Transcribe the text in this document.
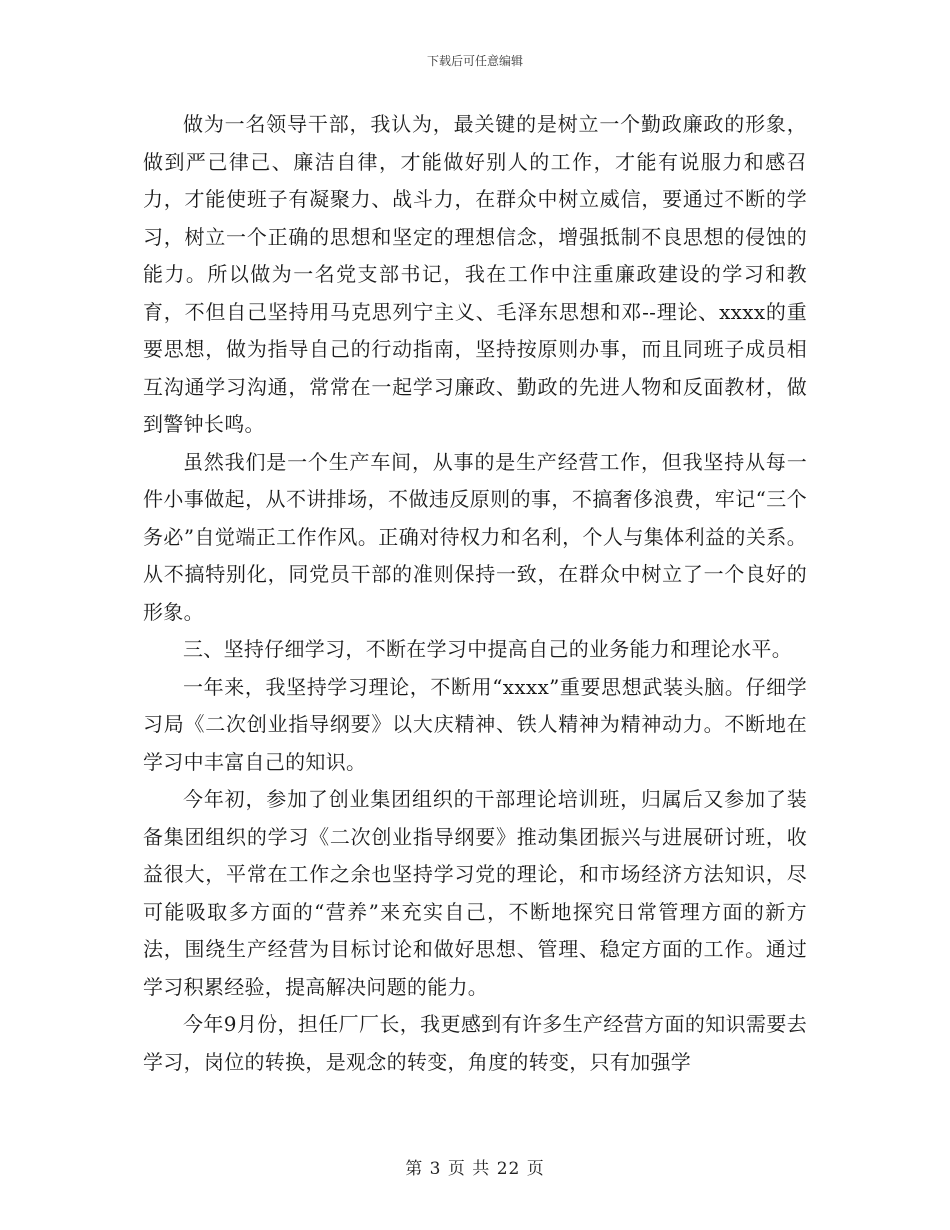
下载后可任意编辑

做为一名领导干部，我认为，最关键的是树立一个勤政廉政的形象，做到严己律己、廉洁自律，才能做好别人的工作，才能有说服力和感召力，才能使班子有凝聚力、战斗力，在群众中树立威信，要通过不断的学习，树立一个正确的思想和坚定的理想信念，增强抵制不良思想的侵蚀的能力。所以做为一名党支部书记，我在工作中注重廉政建设的学习和教育，不但自己坚持用马克思列宁主义、毛泽东思想和邓--理论、xxxx的重要思想，做为指导自己的行动指南，坚持按原则办事，而且同班子成员相互沟通学习沟通，常常在一起学习廉政、勤政的先进人物和反面教材，做到警钟长鸣。

虽然我们是一个生产车间，从事的是生产经营工作，但我坚持从每一件小事做起，从不讲排场，不做违反原则的事，不搞奢侈浪费，牢记“三个务必”自觉端正工作作风。正确对待权力和名利，个人与集体利益的关系。从不搞特别化，同党员干部的准则保持一致，在群众中树立了一个良好的形象。

三、坚持仔细学习，不断在学习中提高自己的业务能力和理论水平。

一年来，我坚持学习理论，不断用“xxxx”重要思想武装头脑。仔细学习局《二次创业指导纲要》以大庆精神、铁人精神为精神动力。不断地在学习中丰富自己的知识。

今年初，参加了创业集团组织的干部理论培训班，归属后又参加了装备集团组织的学习《二次创业指导纲要》推动集团振兴与进展研讨班，收益很大，平常在工作之余也坚持学习党的理论，和市场经济方法知识，尽可能吸取多方面的“营养”来充实自己，不断地探究日常管理方面的新方法，围绕生产经营为目标讨论和做好思想、管理、稳定方面的工作。通过学习积累经验，提高解决问题的能力。

今年9月份，担任厂厂长，我更感到有许多生产经营方面的知识需要去学习，岗位的转换，是观念的转变，角度的转变，只有加强学

第 3 页 共 22 页
